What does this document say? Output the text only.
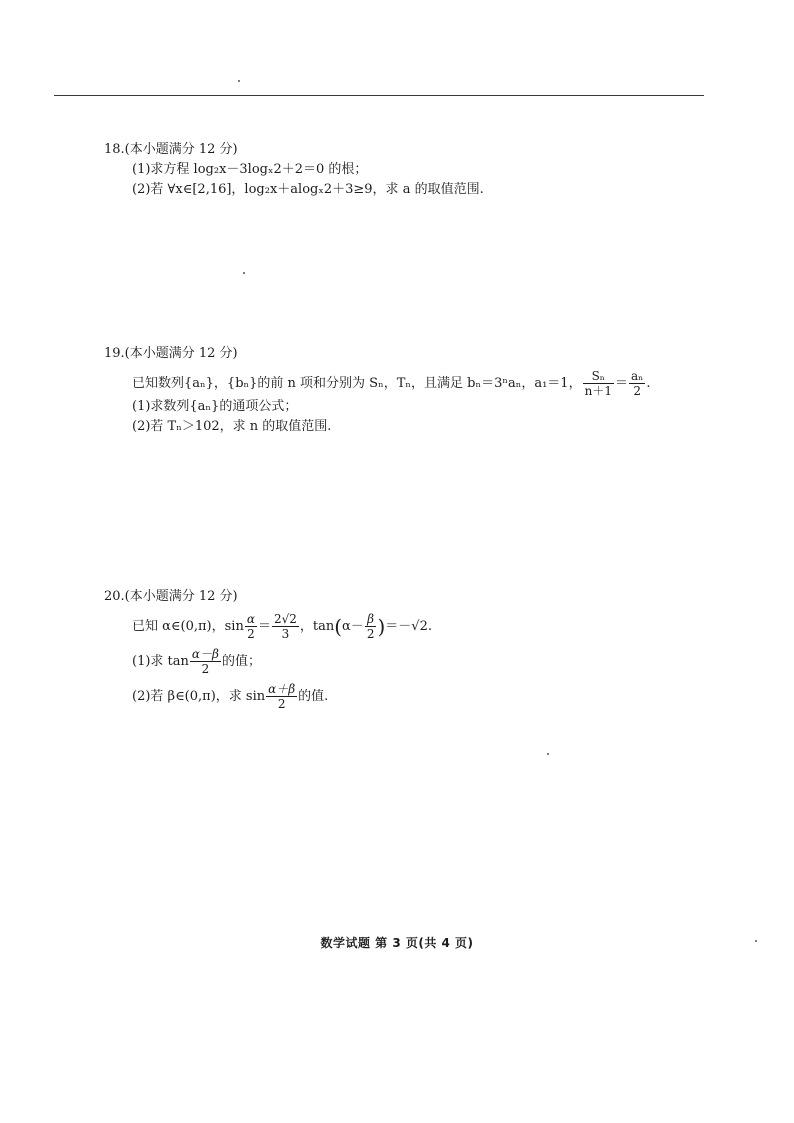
18.(本小题满分 12 分)
(1)求方程 log₂x－3logₓ2＋2＝0 的根；
(2)若 ∀x∈[2,16]，log₂x＋alogₓ2＋3≥9，求 a 的取值范围.
19.(本小题满分 12 分)
已知数列{aₙ}，{bₙ}的前 n 项和分别为 Sₙ，Tₙ，且满足 bₙ＝3ⁿaₙ，a₁＝1， $\frac{\text{Sₙ}}{n+1} = \frac{\text{aₙ}}{2}$ .
(1)求数列{aₙ}的通项公式；
(2)若 Tₙ＞102，求 n 的取值范围.
20.(本小题满分 12 分)
已知 α∈(0,π)，$\sin \frac{\alpha}{2} = \frac{2√2}{3}$ ，$\tan(\alpha- \frac{\beta}{2} )=-√2$.
(1)求 $\tan \frac{\alpha-\beta}{2}$ 的值；
(2)若 β∈(0,π)，求 $\sin \frac{\alpha+\beta}{2}$ 的值.
数学试题 第 3 页(共 4 页)
